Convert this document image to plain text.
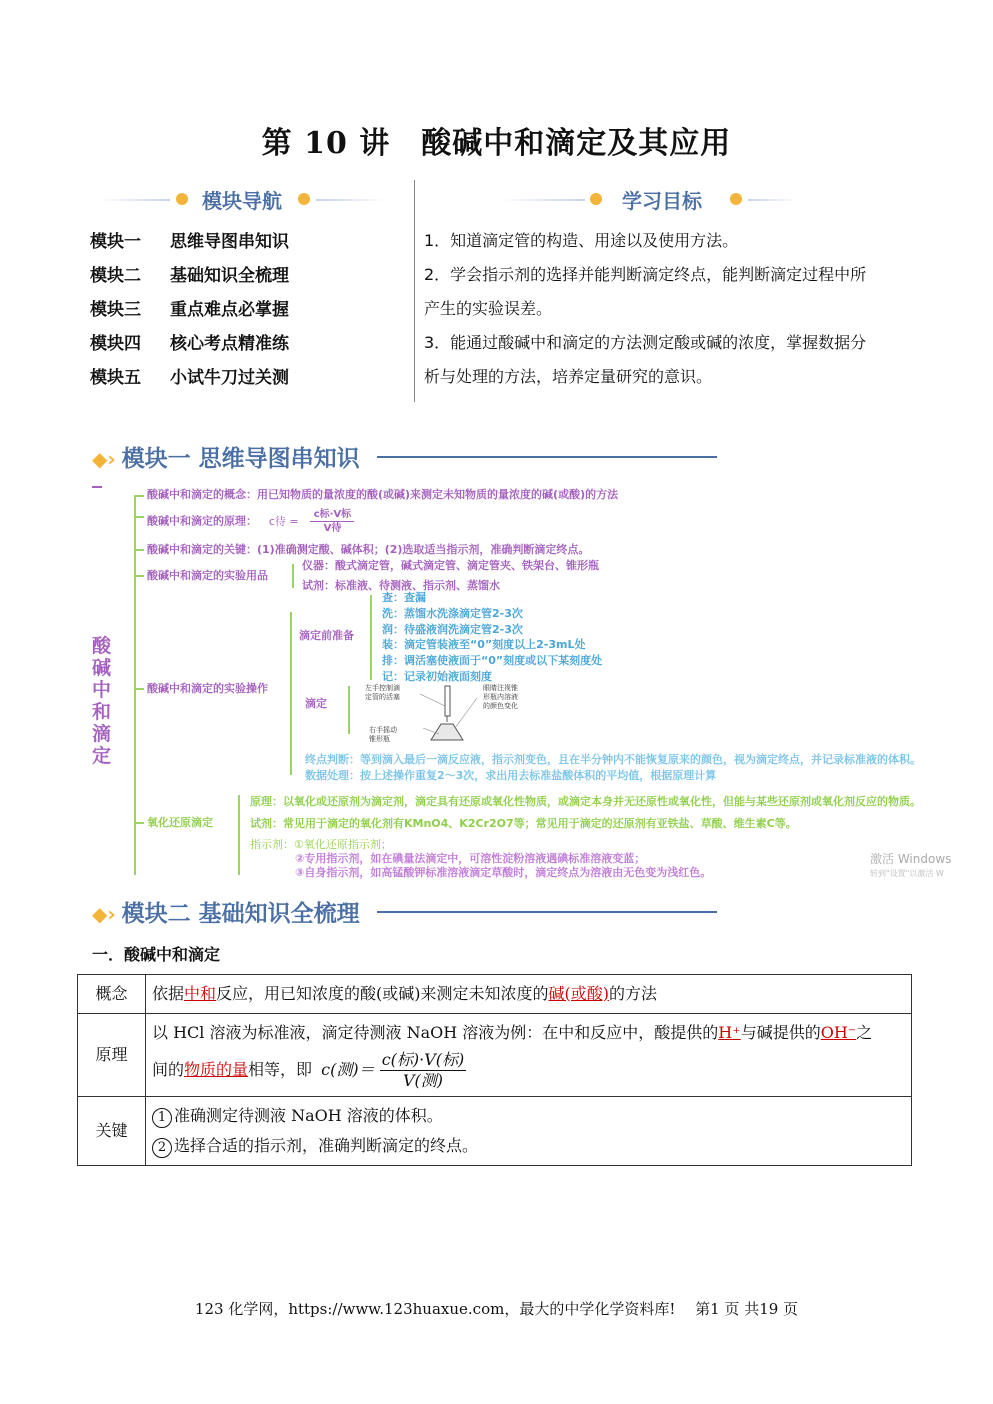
第 10 讲　酸碱中和滴定及其应用
模块导航	学习目标
模块一 思维导图串知识
模块二 基础知识全梳理
模块三 重点难点必掌握
模块四 核心考点精准练
模块五 小试牛刀过关测

1．知道滴定管的构造、用途以及使用方法。

2．学会指示剂的选择并能判断滴定终点，能判断滴定过程中所

产生的实验误差。

3．能通过酸碱中和滴定的方法测定酸或碱的浓度，掌握数据分

析与处理的方法，培养定量研究的意识。

◆› 模块一 思维导图串知识
酸
碱
中
和
滴
定
酸碱中和滴定的概念：用已知物质的量浓度的酸(或碱)来测定未知物质的量浓度的碱(或酸)的方法
酸碱中和滴定的原理： c待 = $\frac{\text{c标·V标}}{\text{V待}}$
酸碱中和滴定的关键：(1)准确测定酸、碱体积；(2)选取适当指示剂，准确判断滴定终点。
酸碱中和滴定的实验用品
仪器：酸式滴定管，碱式滴定管、滴定管夹、铁架台、锥形瓶
试剂：标准液、待测液、指示剂、蒸馏水
酸碱中和滴定的实验操作
滴定前准备
查：查漏
洗：蒸馏水洗涤滴定管2-3次
润：待盛液润洗滴定管2-3次
装：滴定管装液至“0”刻度以上2-3mL处
排：调活塞使液面于“0”刻度或以下某刻度处
记：记录初始液面刻度
滴定
左手控制滴
定管的活塞
右手摇动
锥形瓶
眼睛注视锥
形瓶内溶液
的颜色变化
终点判断：等到滴入最后一滴反应液，指示剂变色，且在半分钟内不能恢复原来的颜色，视为滴定终点，并记录标准液的体积。
数据处理：按上述操作重复2～3次，求出用去标准盐酸体积的平均值，根据原理计算
氧化还原滴定
原理：以氧化或还原剂为滴定剂，滴定具有还原或氧化性物质，或滴定本身并无还原性或氧化性，但能与某些还原剂或氧化剂反应的物质。
试剂：常见用于滴定的氧化剂有KMnO4、K2Cr2O7等；常见用于滴定的还原剂有亚铁盐、草酸、维生素C等。
指示剂：①氧化还原指示剂；
②专用指示剂，如在碘量法滴定中，可溶性淀粉溶液遇碘标准溶液变蓝；
③自身指示剂，如高锰酸钾标准溶液滴定草酸时，滴定终点为溶液由无色变为浅红色。
激活 Windows
转到"设置"以激活 W
◆› 模块二 基础知识全梳理
一．酸碱中和滴定
概念	依据中和反应，用已知浓度的酸(或碱)来测定未知浓度的碱(或酸)的方法
原理	以 HCl 溶液为标准液，滴定待测液 NaOH 溶液为例：在中和反应中，酸提供的H⁺与碱提供的OH⁻之
间的物质的量相等，即 c(测)＝ $\frac{\text{c(标)·V(标)}}{\text{V(测)}}$

关键	1 准确测定待测液 NaOH 溶液的体积。
2 选择合适的指示剂，准确判断滴定的终点。
123 化学网，https://www.123huaxue.com，最大的中学化学资料库!　 第1 页 共19 页
